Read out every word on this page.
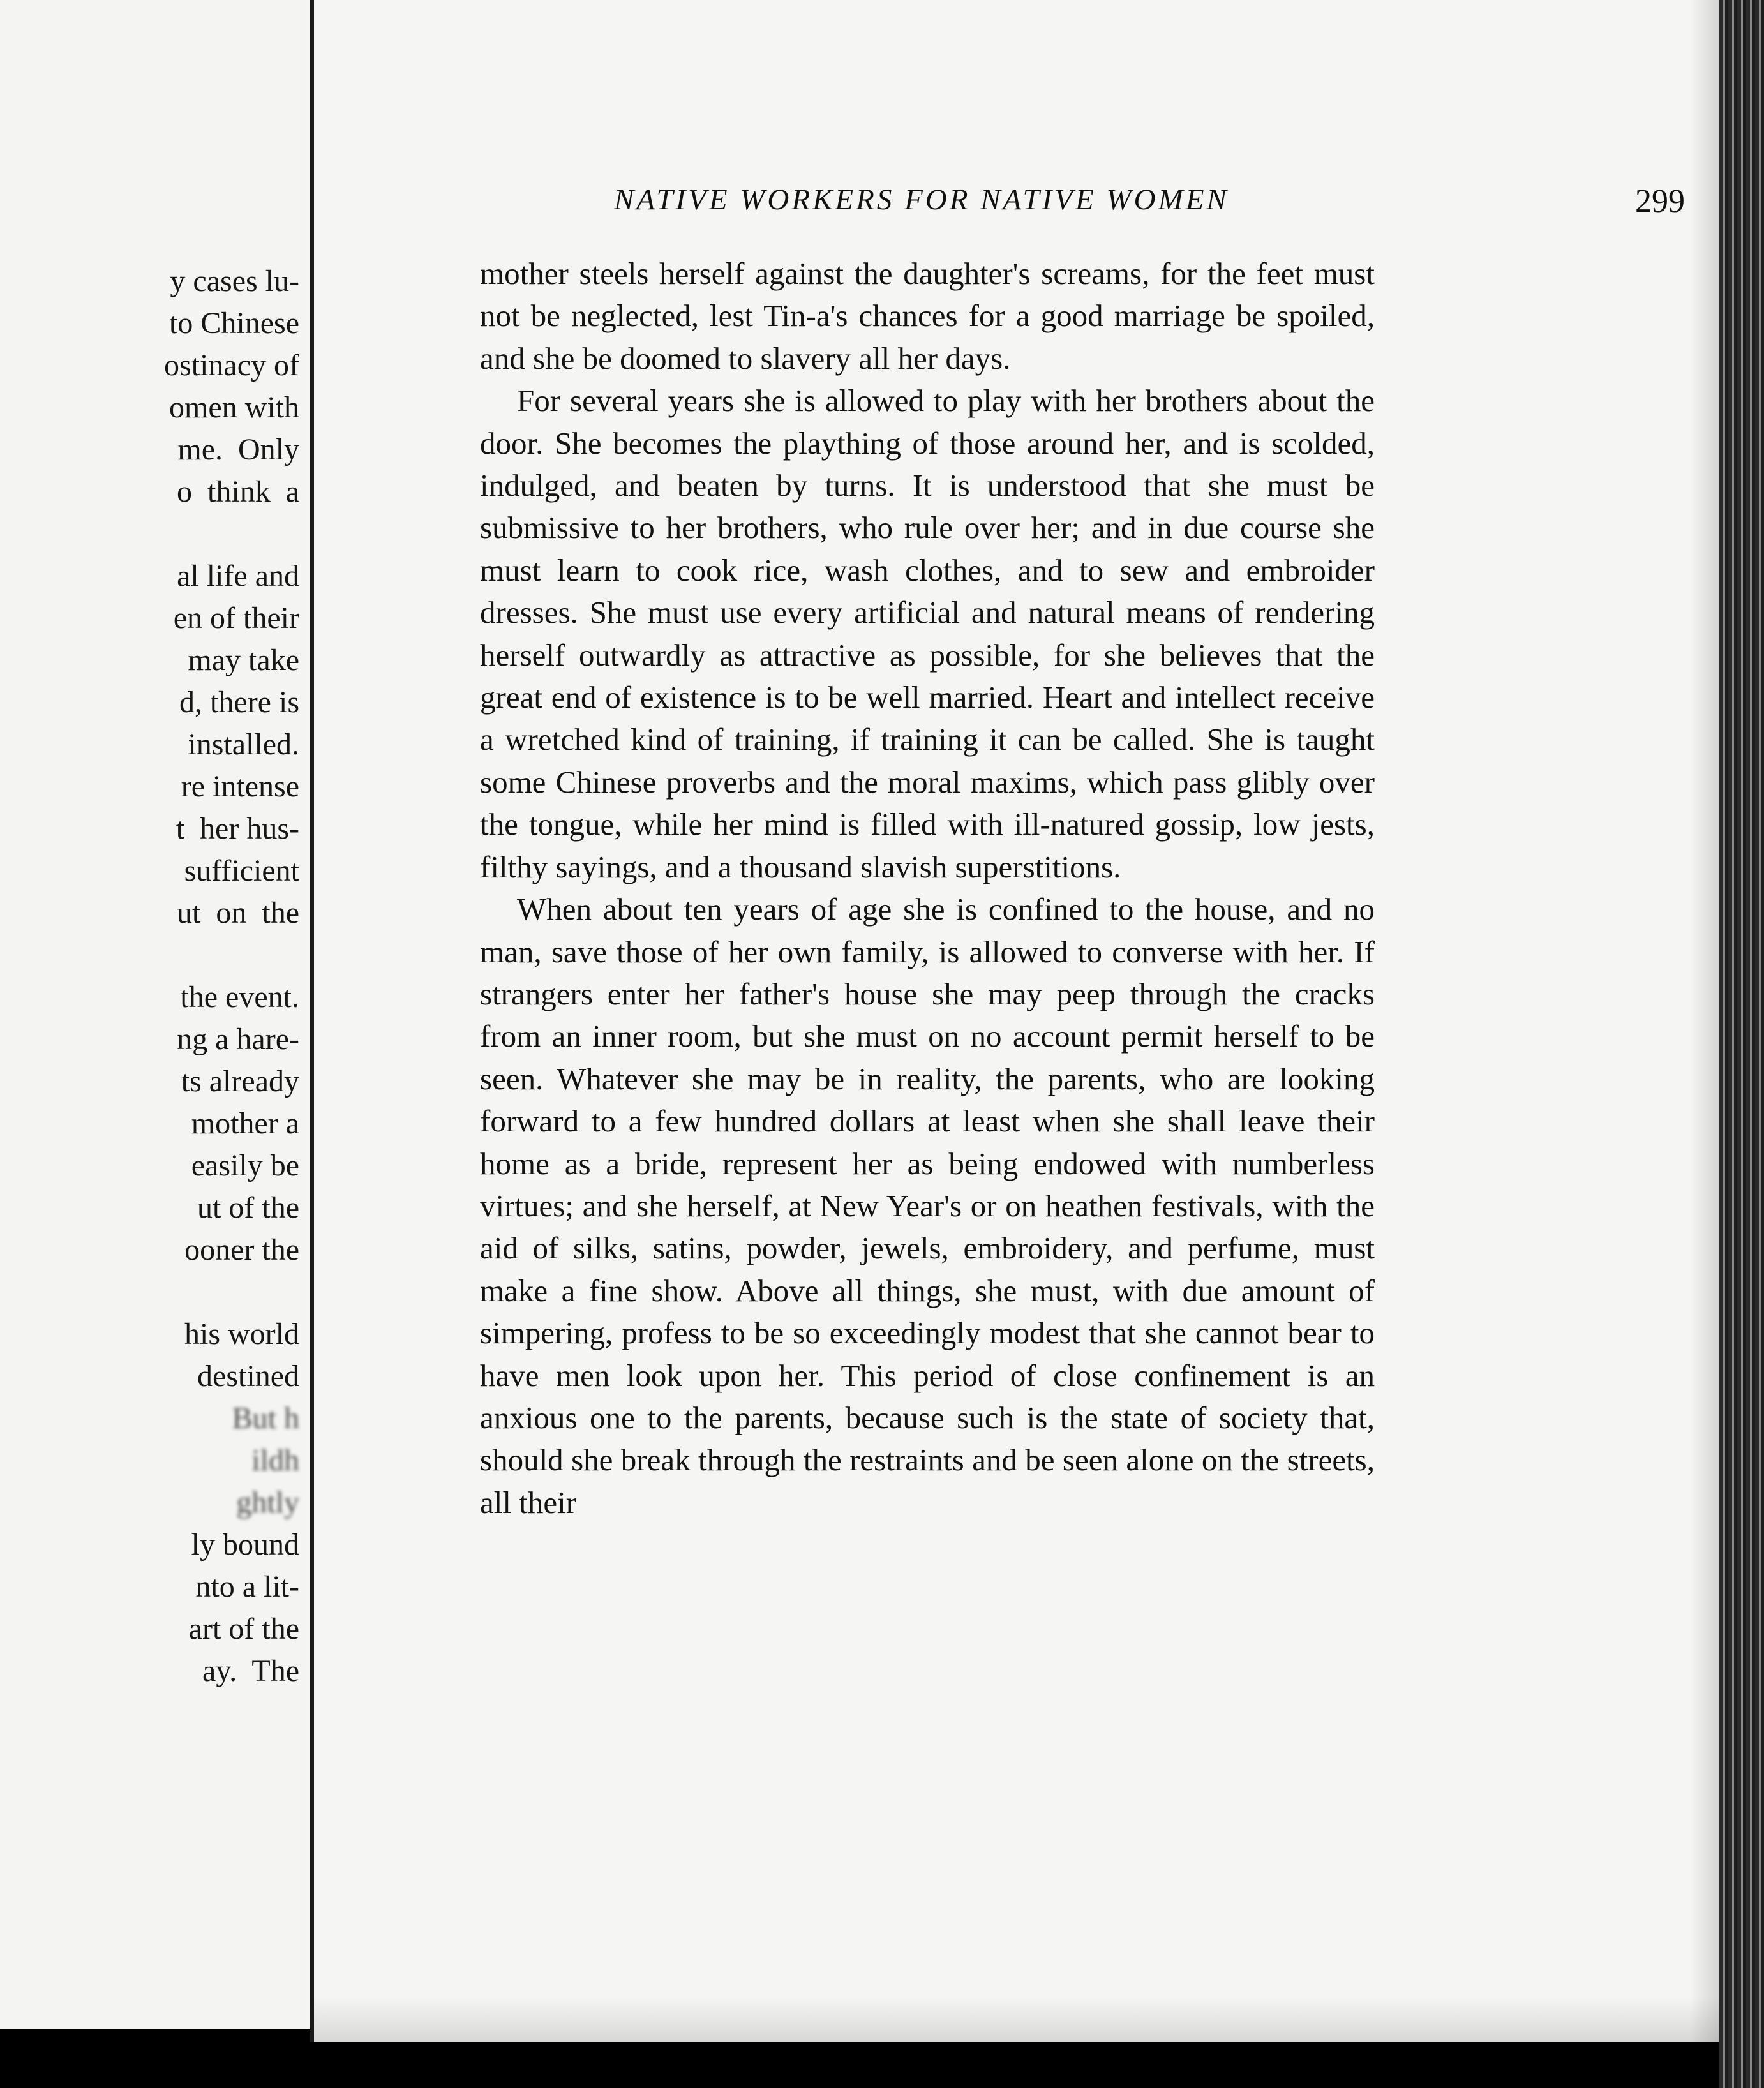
y cases lu-
to Chinese
ostinacy of
omen with
me.  Only
o  think  a

al life and
en of their
may take
d, there is
installed.
re intense
t  her hus-
sufficient
ut  on  the

the event.
ng a hare-
ts already
mother a
easily be
ut of the
ooner the

his world
destined
But h
ildh
ghtly
ly bound
nto a lit-
art of the
ay.  The
NATIVE WORKERS FOR NATIVE WOMEN	299

mother steels herself against the daughter's screams, for the feet must not be neglected, lest Tin-a's chances for a good marriage be spoiled, and she be doomed to slavery all her days.

For several years she is allowed to play with her brothers about the door. She becomes the plaything of those around her, and is scolded, indulged, and beaten by turns. It is understood that she must be submissive to her brothers, who rule over her; and in due course she must learn to cook rice, wash clothes, and to sew and embroider dresses. She must use every artificial and natural means of rendering herself outwardly as attractive as possible, for she believes that the great end of existence is to be well married. Heart and intellect receive a wretched kind of training, if training it can be called. She is taught some Chinese proverbs and the moral maxims, which pass glibly over the tongue, while her mind is filled with ill-natured gossip, low jests, filthy sayings, and a thousand slavish superstitions.

When about ten years of age she is confined to the house, and no man, save those of her own family, is allowed to converse with her. If strangers enter her father's house she may peep through the cracks from an inner room, but she must on no account permit herself to be seen. Whatever she may be in reality, the parents, who are looking forward to a few hundred dollars at least when she shall leave their home as a bride, represent her as being endowed with numberless virtues; and she herself, at New Year's or on heathen festivals, with the aid of silks, satins, powder, jewels, embroidery, and perfume, must make a fine show. Above all things, she must, with due amount of simpering, profess to be so exceedingly modest that she cannot bear to have men look upon her. This period of close confinement is an anxious one to the parents, because such is the state of society that, should she break through the restraints and be seen alone on the streets, all their
